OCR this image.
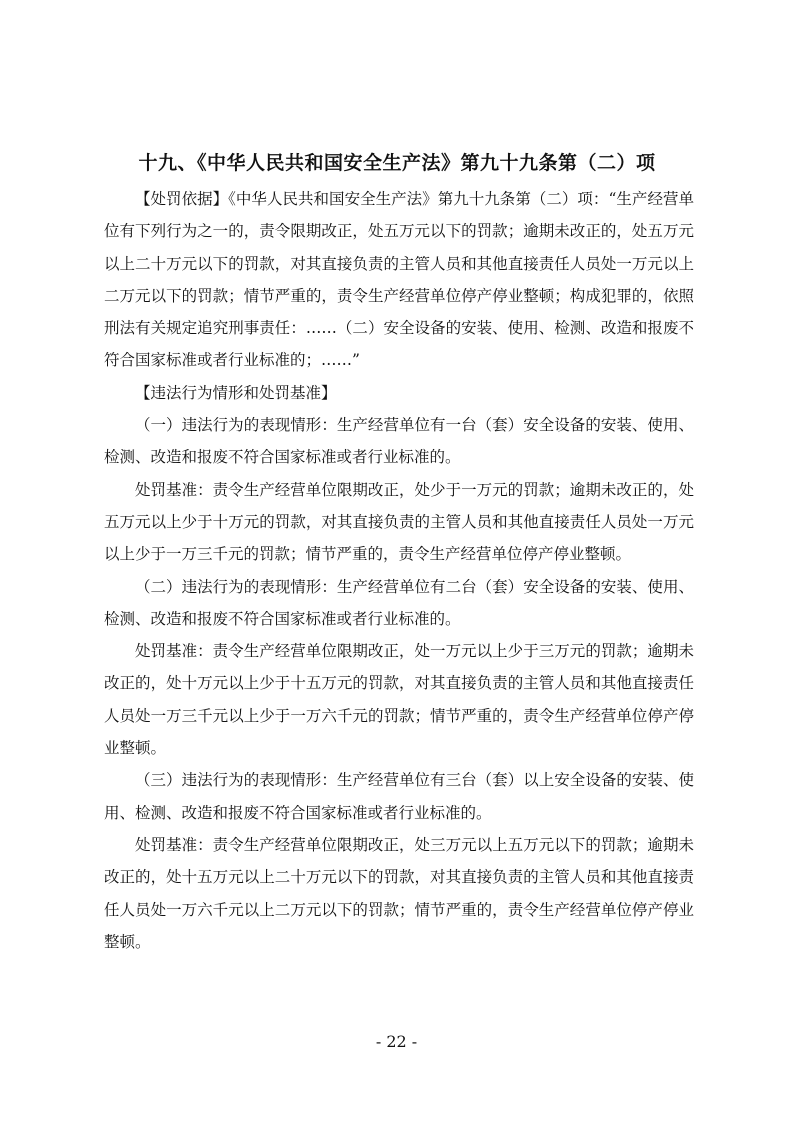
十九、《中华人民共和国安全生产法》第九十九条第（二）项

【处罚依据】《中华人民共和国安全生产法》第九十九条第（二）项：“生产经营单位有下列行为之一的，责令限期改正，处五万元以下的罚款；逾期未改正的，处五万元以上二十万元以下的罚款，对其直接负责的主管人员和其他直接责任人员处一万元以上二万元以下的罚款；情节严重的，责令生产经营单位停产停业整顿；构成犯罪的，依照刑法有关规定追究刑事责任：……（二）安全设备的安装、使用、检测、改造和报废不符合国家标准或者行业标准的；……”

【违法行为情形和处罚基准】

（一）违法行为的表现情形：生产经营单位有一台（套）安全设备的安装、使用、检测、改造和报废不符合国家标准或者行业标准的。

处罚基准：责令生产经营单位限期改正，处少于一万元的罚款；逾期未改正的，处五万元以上少于十万元的罚款，对其直接负责的主管人员和其他直接责任人员处一万元以上少于一万三千元的罚款；情节严重的，责令生产经营单位停产停业整顿。

（二）违法行为的表现情形：生产经营单位有二台（套）安全设备的安装、使用、检测、改造和报废不符合国家标准或者行业标准的。

处罚基准：责令生产经营单位限期改正，处一万元以上少于三万元的罚款；逾期未改正的，处十万元以上少于十五万元的罚款，对其直接负责的主管人员和其他直接责任人员处一万三千元以上少于一万六千元的罚款；情节严重的，责令生产经营单位停产停业整顿。

（三）违法行为的表现情形：生产经营单位有三台（套）以上安全设备的安装、使用、检测、改造和报废不符合国家标准或者行业标准的。

处罚基准：责令生产经营单位限期改正，处三万元以上五万元以下的罚款；逾期未改正的，处十五万元以上二十万元以下的罚款，对其直接负责的主管人员和其他直接责任人员处一万六千元以上二万元以下的罚款；情节严重的，责令生产经营单位停产停业整顿。

- 22 -
